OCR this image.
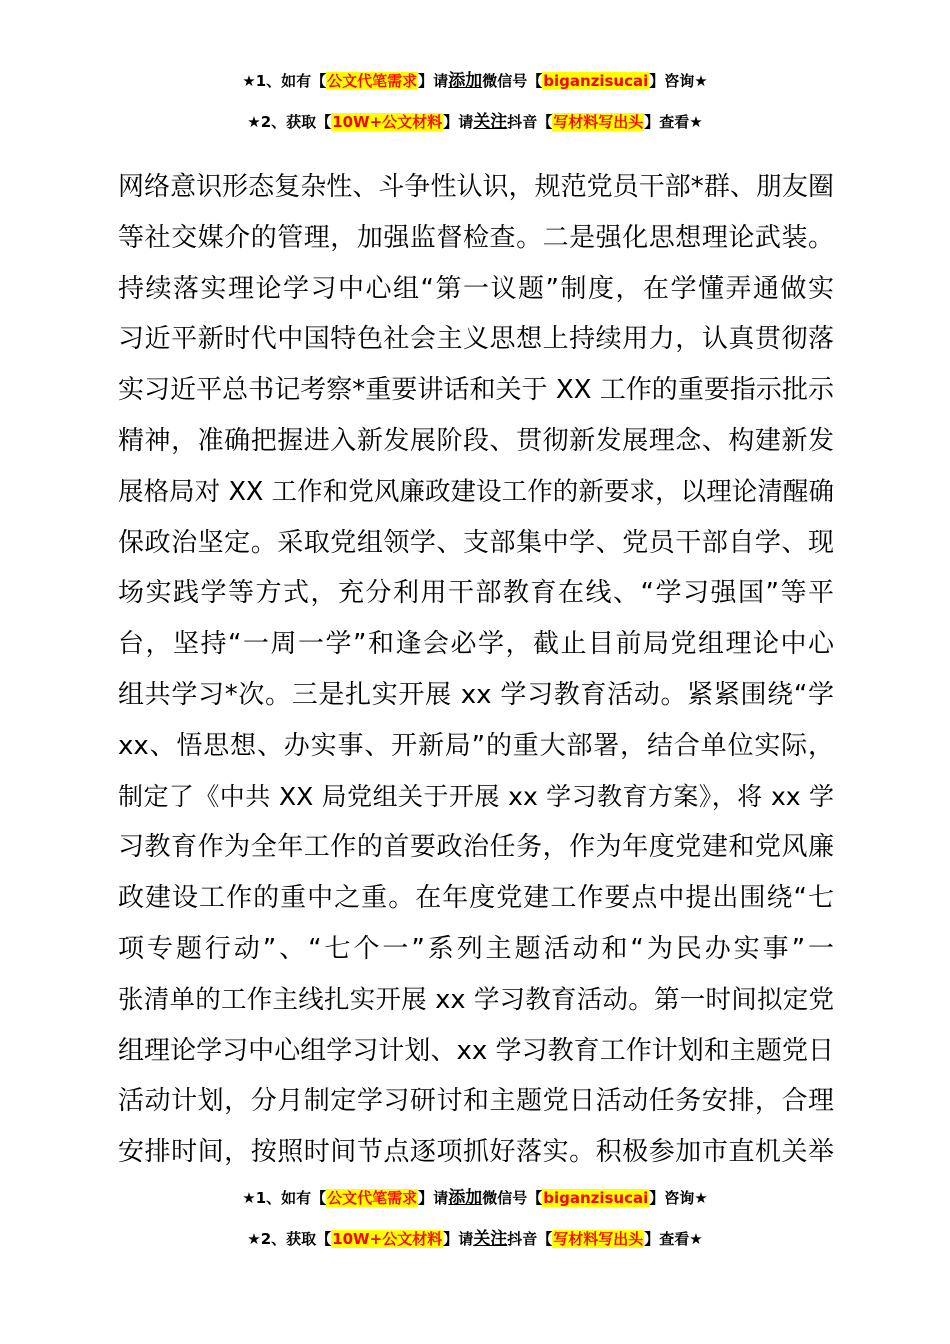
★1、如有【公文代笔需求】请添加微信号【biganzisucai】咨询★
★2、获取【10W+公文材料】请关注抖音【写材料写出头】查看★
网络意识形态复杂性、斗争性认识，规范党员干部*群、朋友圈
等社交媒介的管理，加强监督检查。二是强化思想理论武装。
持续落实理论学习中心组“第一议题”制度，在学懂弄通做实
习近平新时代中国特色社会主义思想上持续用力，认真贯彻落
实习近平总书记考察*重要讲话和关于 XX 工作的重要指示批示
精神，准确把握进入新发展阶段、贯彻新发展理念、构建新发
展格局对 XX 工作和党风廉政建设工作的新要求，以理论清醒确
保政治坚定。采取党组领学、支部集中学、党员干部自学、现
场实践学等方式，充分利用干部教育在线、“学习强国”等平
台，坚持“一周一学”和逢会必学，截止目前局党组理论中心
组共学习*次。三是扎实开展 xx 学习教育活动。紧紧围绕“学
xx、悟思想、办实事、开新局”的重大部署，结合单位实际，
制定了《中共 XX 局党组关于开展 xx 学习教育方案》，将 xx 学
习教育作为全年工作的首要政治任务，作为年度党建和党风廉
政建设工作的重中之重。在年度党建工作要点中提出围绕“七
项专题行动”、“七个一”系列主题活动和“为民办实事”一
张清单的工作主线扎实开展 xx 学习教育活动。第一时间拟定党
组理论学习中心组学习计划、xx 学习教育工作计划和主题党日
活动计划，分月制定学习研讨和主题党日活动任务安排，合理
安排时间，按照时间节点逐项抓好落实。积极参加市直机关举
★1、如有【公文代笔需求】请添加微信号【biganzisucai】咨询★
★2、获取【10W+公文材料】请关注抖音【写材料写出头】查看★
